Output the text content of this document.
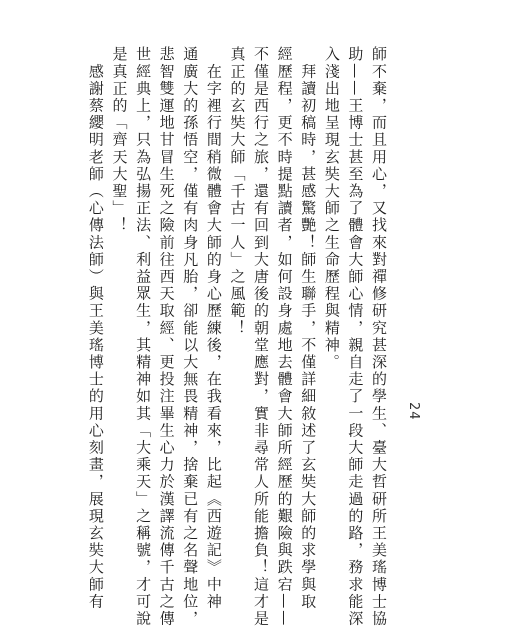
師不棄，而且用心，又找來對禪修研究甚深的學生、臺大哲研所王美瑤博士協
助——王博士甚至為了體會大師心情，親自走了一段大師走過的路，務求能深
入淺出地呈現玄奘大師之生命歷程與精神。
　拜讀初稿時，甚感驚艷！師生聯手，不僅詳細敘述了玄奘大師的求學與取
經歷程，更不時提點讀者，如何設身處地去體會大師所經歷的艱險與跌宕——
不僅是西行之旅，還有回到大唐後的朝堂應對，實非尋常人所能擔負！這才是
真正的玄奘大師「千古一人」之風範！
　在字裡行間稍微體會大師的身心歷練後，在我看來，比起《西遊記》中神
通廣大的孫悟空，僅有肉身凡胎，卻能以大無畏精神，捨棄已有之名聲地位，
悲智雙運地甘冒生死之險前往西天取經、更投注畢生心力於漢譯流傳千古之傳
世經典上，只為弘揚正法、利益眾生，其精神如其「大乘天」之稱號，才可說
是真正的「齊天大聖」！
　感謝蔡纓明老師（心傳法師）與王美瑤博士的用心刻畫，展現玄奘大師有	24
